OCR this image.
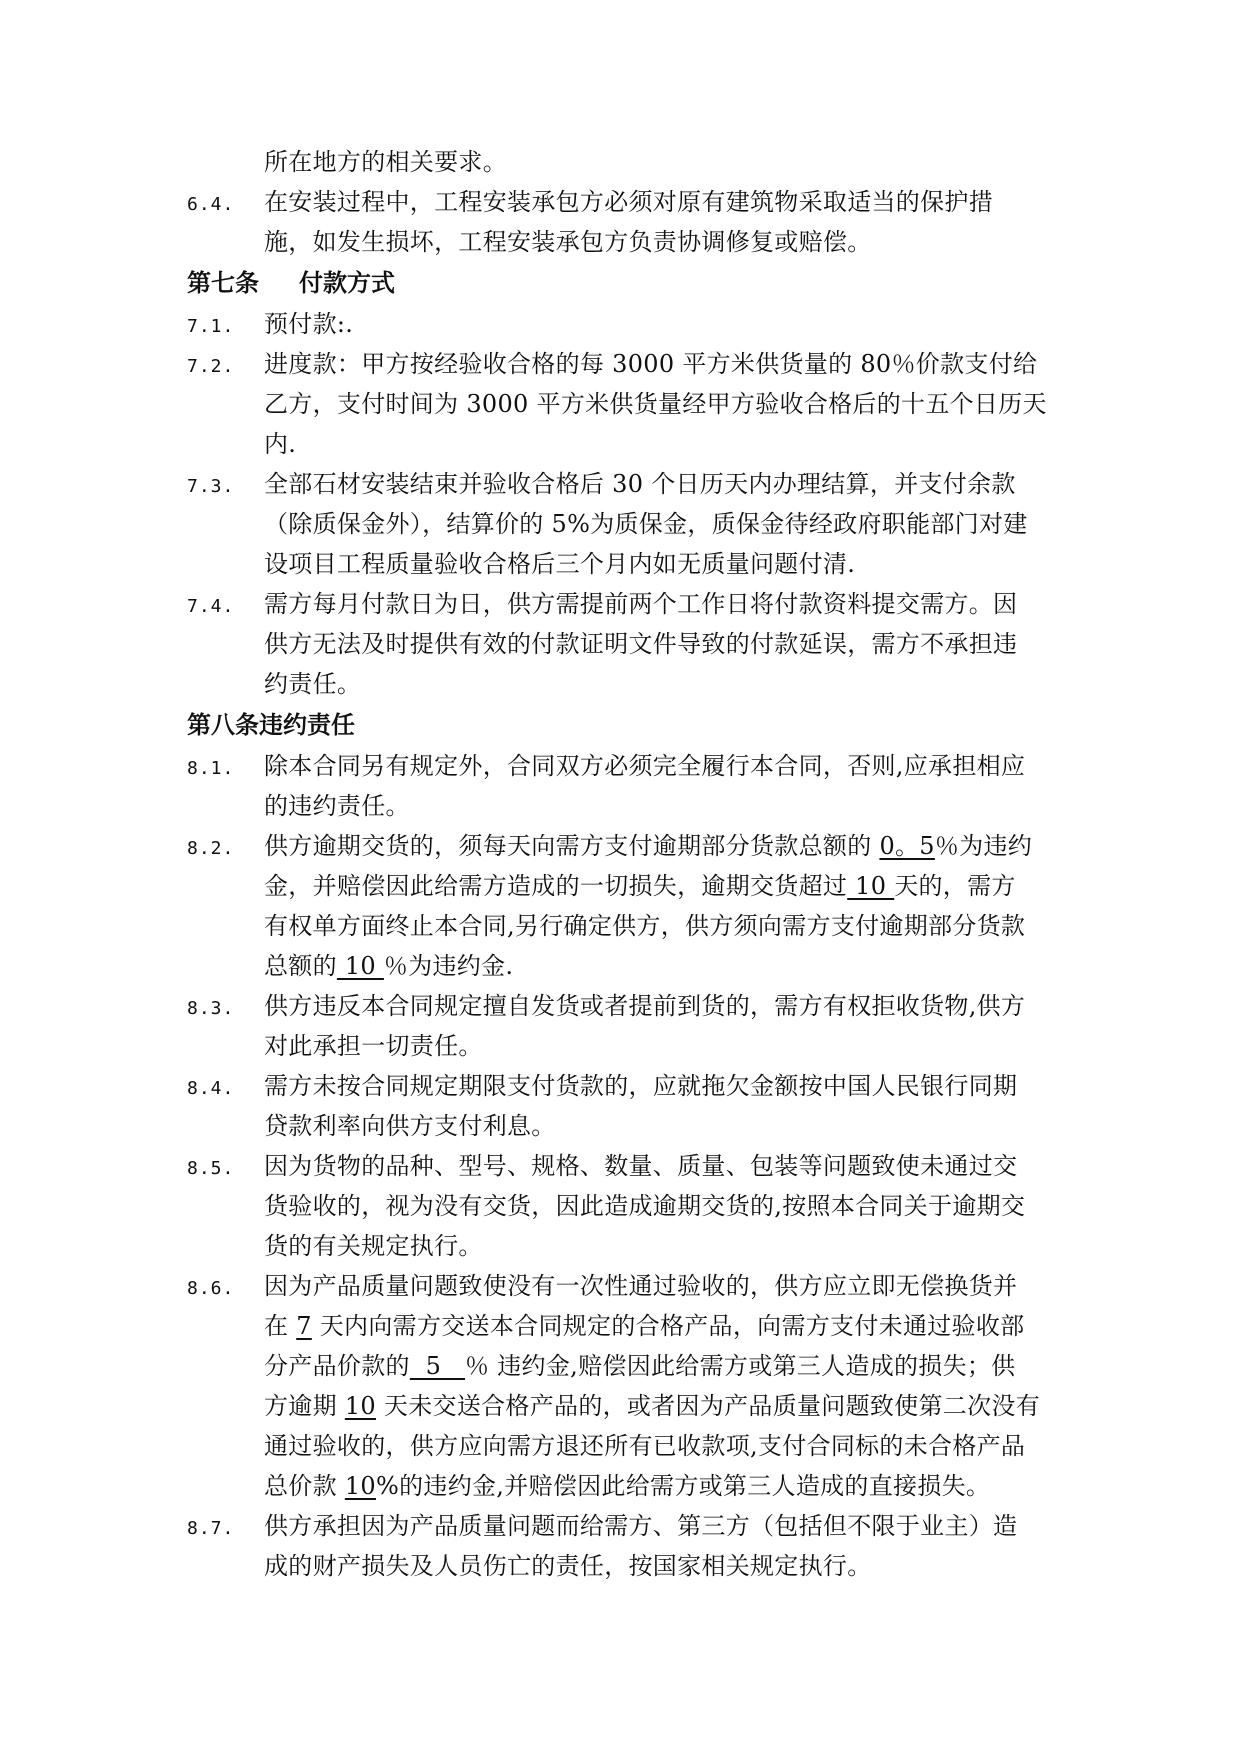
所在地方的相关要求。
6.4. 在安装过程中，工程安装承包方必须对原有建筑物采取适当的保护措
施，如发生损坏，工程安装承包方负责协调修复或赔偿。
第七条 付款方式
7.1. 预付款:.
7.2. 进度款：甲方按经验收合格的每 3000 平方米供货量的 80％价款支付给
乙方，支付时间为 3000 平方米供货量经甲方验收合格后的十五个日历天
内.
7.3. 全部石材安装结束并验收合格后 30 个日历天内办理结算，并支付余款
（除质保金外），结算价的 5%为质保金，质保金待经政府职能部门对建
设项目工程质量验收合格后三个月内如无质量问题付清.
7.4. 需方每月付款日为日，供方需提前两个工作日将付款资料提交需方。因
供方无法及时提供有效的付款证明文件导致的付款延误，需方不承担违
约责任。
第八条违约责任
8.1. 除本合同另有规定外，合同双方必须完全履行本合同，否则,应承担相应
的违约责任。
8.2. 供方逾期交货的，须每天向需方支付逾期部分货款总额的 0。5％为违约
金，并赔偿因此给需方造成的一切损失，逾期交货超过 10 天的，需方
有权单方面终止本合同,另行确定供方，供方须向需方支付逾期部分货款
总额的 10 ％为违约金.
8.3. 供方违反本合同规定擅自发货或者提前到货的，需方有权拒收货物,供方
对此承担一切责任。
8.4. 需方未按合同规定期限支付货款的，应就拖欠金额按中国人民银行同期
贷款利率向供方支付利息。
8.5. 因为货物的品种、型号、规格、数量、质量、包装等问题致使未通过交
货验收的，视为没有交货，因此造成逾期交货的,按照本合同关于逾期交
货的有关规定执行。
8.6. 因为产品质量问题致使没有一次性通过验收的，供方应立即无偿换货并
在 7 天内向需方交送本合同规定的合格产品，向需方支付未通过验收部
分产品价款的  5   ％ 违约金,赔偿因此给需方或第三人造成的损失；供
方逾期 10 天未交送合格产品的，或者因为产品质量问题致使第二次没有
通过验收的，供方应向需方退还所有已收款项,支付合同标的未合格产品
总价款 10%的违约金,并赔偿因此给需方或第三人造成的直接损失。
8.7. 供方承担因为产品质量问题而给需方、第三方（包括但不限于业主）造
成的财产损失及人员伤亡的责任，按国家相关规定执行。
